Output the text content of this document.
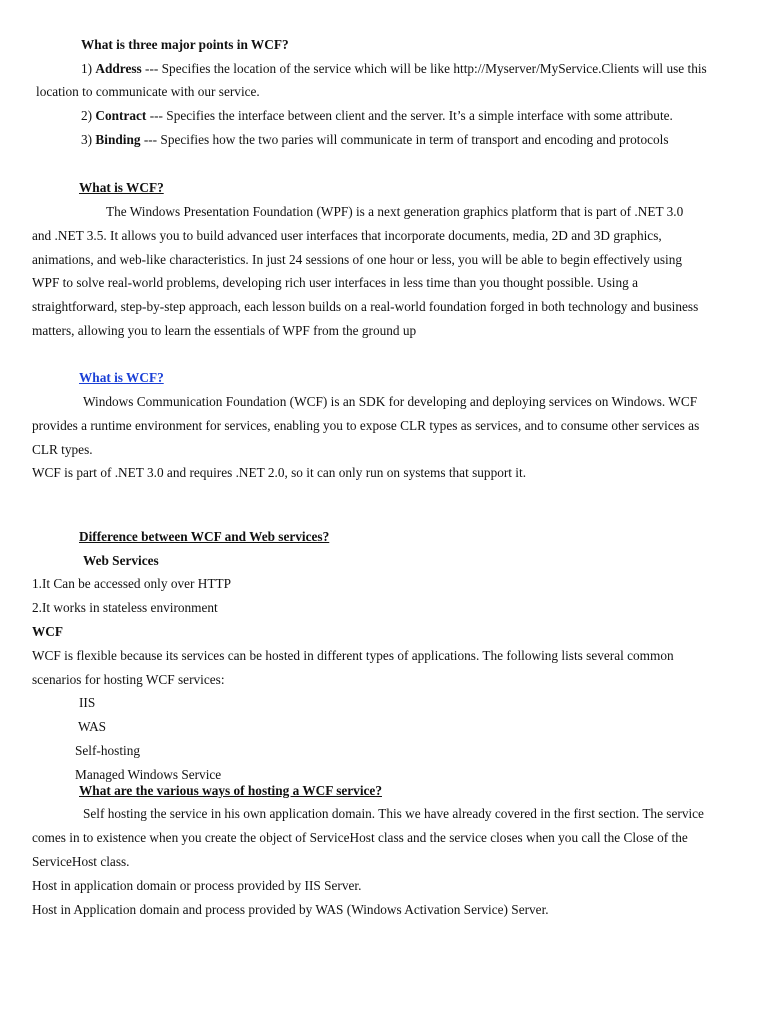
What is three major points in WCF?
1) Address --- Specifies the location of the service which will be like http://Myserver/MyService.Clients will use this
location to communicate with our service.
2) Contract --- Specifies the interface between client and the server. It’s a simple interface with some attribute.
3) Binding --- Specifies how the two paries will communicate in term of transport and encoding and protocols
What is WCF?
The Windows Presentation Foundation (WPF) is a next generation graphics platform that is part of .NET 3.0
and .NET 3.5. It allows you to build advanced user interfaces that incorporate documents, media, 2D and 3D graphics,
animations, and web-like characteristics. In just 24 sessions of one hour or less, you will be able to begin effectively using
WPF to solve real-world problems, developing rich user interfaces in less time than you thought possible. Using a
straightforward, step-by-step approach, each lesson builds on a real-world foundation forged in both technology and business
matters, allowing you to learn the essentials of WPF from the ground up
What is WCF?
Windows Communication Foundation (WCF) is an SDK for developing and deploying services on Windows. WCF
provides a runtime environment for services, enabling you to expose CLR types as services, and to consume other services as
CLR types.
WCF is part of .NET 3.0 and requires .NET 2.0, so it can only run on systems that support it.
Difference between WCF and Web services?
Web Services
1.It Can be accessed only over HTTP
2.It works in stateless environment
WCF
WCF is flexible because its services can be hosted in different types of applications. The following lists several common
scenarios for hosting WCF services:
IIS
WAS
Self-hosting
Managed Windows Service
What are the various ways of hosting a WCF service?
Self hosting the service in his own application domain. This we have already covered in the first section. The service
comes in to existence when you create the object of ServiceHost class and the service closes when you call the Close of the
ServiceHost class.
Host in application domain or process provided by IIS Server.
Host in Application domain and process provided by WAS (Windows Activation Service) Server.
